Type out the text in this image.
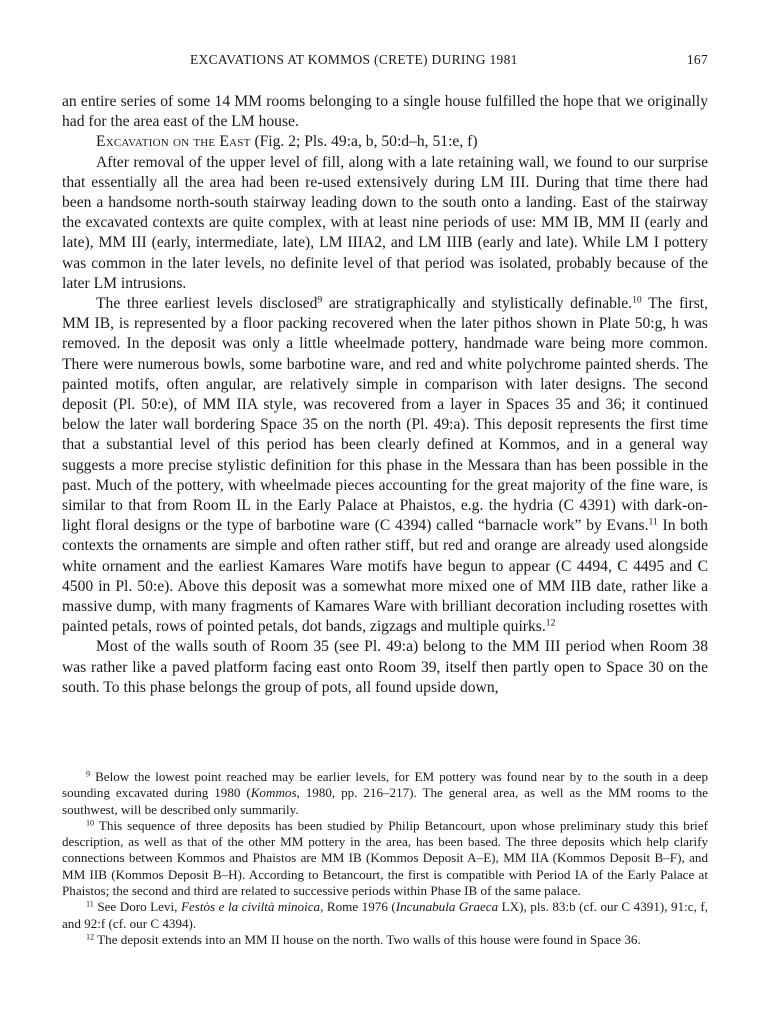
EXCAVATIONS AT KOMMOS (CRETE) DURING 1981	167

an entire series of some 14 MM rooms belonging to a single house fulfilled the hope that we originally had for the area east of the LM house.

Excavation on the East (Fig. 2; Pls. 49:a, b, 50:d–h, 51:e, f)

After removal of the upper level of fill, along with a late retaining wall, we found to our surprise that essentially all the area had been re-used extensively during LM III. During that time there had been a handsome north-south stairway leading down to the south onto a landing. East of the stairway the excavated contexts are quite complex, with at least nine periods of use: MM IB, MM II (early and late), MM III (early, intermediate, late), LM IIIA2, and LM IIIB (early and late). While LM I pottery was common in the later levels, no definite level of that period was isolated, probably because of the later LM intrusions.

The three earliest levels disclosed$^9$ are stratigraphically and stylistically definable.$^{10}$ The first, MM IB, is represented by a floor packing recovered when the later pithos shown in Plate 50:g, h was removed. In the deposit was only a little wheelmade pottery, handmade ware being more common. There were numerous bowls, some barbotine ware, and red and white polychrome painted sherds. The painted motifs, often angular, are relatively simple in comparison with later designs. The second deposit (Pl. 50:e), of MM IIA style, was recovered from a layer in Spaces 35 and 36; it continued below the later wall bordering Space 35 on the north (Pl. 49:a). This deposit represents the first time that a substantial level of this period has been clearly defined at Kommos, and in a general way suggests a more precise stylistic definition for this phase in the Messara than has been possible in the past. Much of the pottery, with wheelmade pieces accounting for the great majority of the fine ware, is similar to that from Room IL in the Early Palace at Phaistos, e.g. the hydria (C 4391) with dark-on-light floral designs or the type of barbotine ware (C 4394) called “barnacle work” by Evans.$^{11}$ In both contexts the ornaments are simple and often rather stiff, but red and orange are already used alongside white ornament and the earliest Kamares Ware motifs have begun to appear (C 4494, C 4495 and C 4500 in Pl. 50:e). Above this deposit was a somewhat more mixed one of MM IIB date, rather like a massive dump, with many fragments of Kamares Ware with brilliant decoration including rosettes with painted petals, rows of pointed petals, dot bands, zigzags and multiple quirks.$^{12}$

Most of the walls south of Room 35 (see Pl. 49:a) belong to the MM III period when Room 38 was rather like a paved platform facing east onto Room 39, itself then partly open to Space 30 on the south. To this phase belongs the group of pots, all found upside down,

$^9$ Below the lowest point reached may be earlier levels, for EM pottery was found near by to the south in a deep sounding excavated during 1980 (Kommos, 1980, pp. 216–217). The general area, as well as the MM rooms to the southwest, will be described only summarily.

$^{10}$ This sequence of three deposits has been studied by Philip Betancourt, upon whose preliminary study this brief description, as well as that of the other MM pottery in the area, has been based. The three deposits which help clarify connections between Kommos and Phaistos are MM IB (Kommos Deposit A–E), MM IIA (Kommos Deposit B–F), and MM IIB (Kommos Deposit B–H). According to Betancourt, the first is compatible with Period IA of the Early Palace at Phaistos; the second and third are related to successive periods within Phase IB of the same palace.

$^{11}$ See Doro Levi, Festòs e la civiltà minoica, Rome 1976 (Incunabula Graeca LX), pls. 83:b (cf. our C 4391), 91:c, f, and 92:f (cf. our C 4394).

$^{12}$ The deposit extends into an MM II house on the north. Two walls of this house were found in Space 36.
